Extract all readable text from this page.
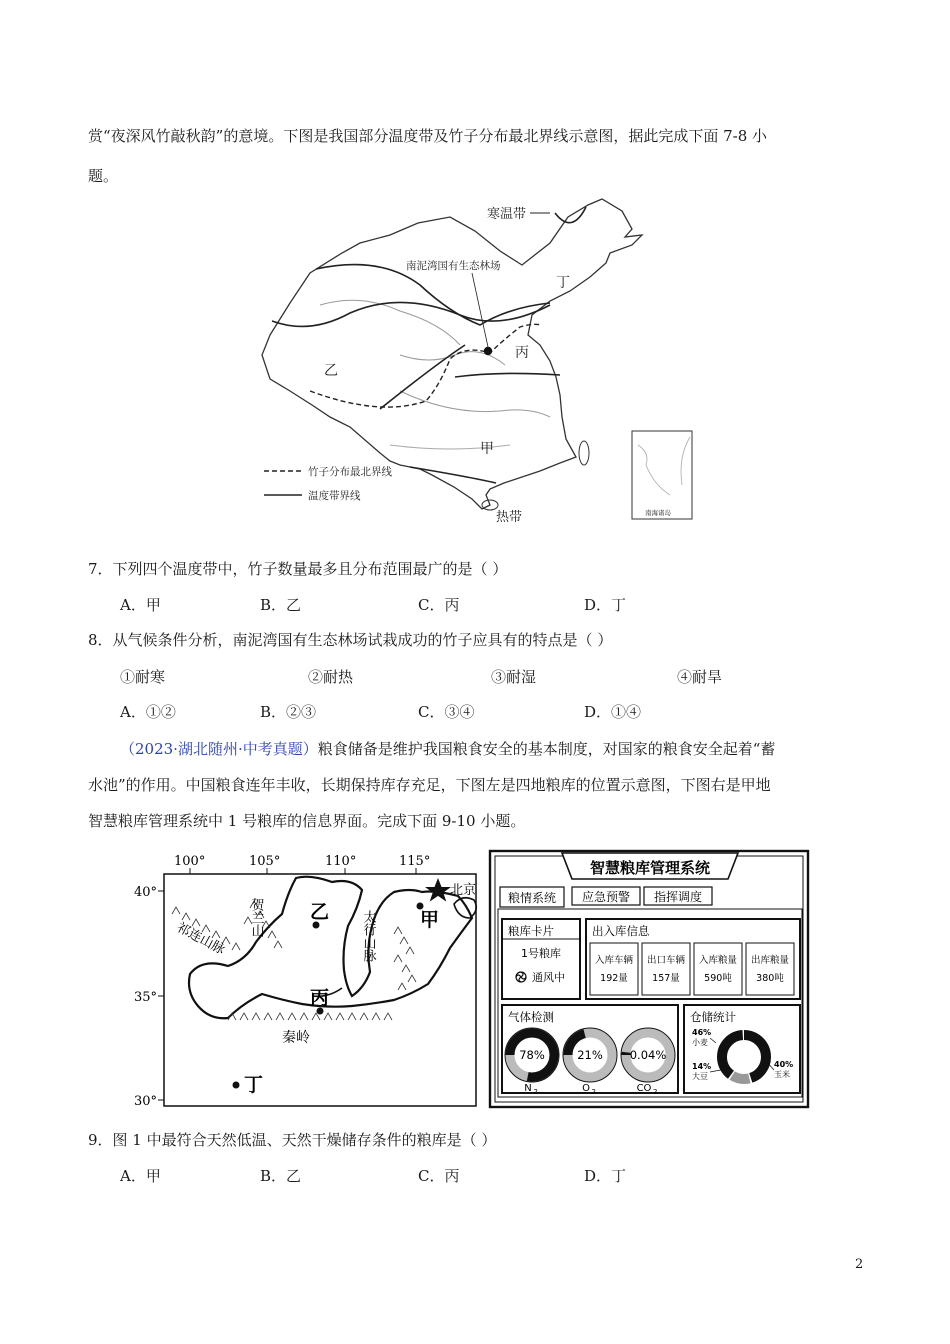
赏“夜深风竹敲秋韵”的意境。下图是我国部分温度带及竹子分布最北界线示意图，据此完成下面 7-8 小
题。
寒温带
南泥湾国有生态林场
丁
丙
乙
甲
热带
竹子分布最北界线
温度带界线
南海诸岛
7．下列四个温度带中，竹子数量最多且分布范围最广的是（ ）
A．甲	B．乙	C．丙	D．丁
8．从气候条件分析，南泥湾国有生态林场试栽成功的竹子应具有的特点是（ ）
①耐寒	②耐热	③耐湿	④耐旱
A．①②	B．②③	C．③④	D．①④
（2023·湖北随州·中考真题）粮食储备是维护我国粮食安全的基本制度，对国家的粮食安全起着“蓄
水池”的作用。中国粮食连年丰收，长期保持库存充足，下图左是四地粮库的位置示意图，下图右是甲地
智慧粮库管理系统中 1 号粮库的信息界面。完成下面 9-10 小题。
100°	105°	110°	115°
40°
35°
30°
祁连山脉
贺兰山	太行山脉
秦岭
北京
甲
乙
丙
丁
智慧粮库管理系统
粮情系统 应急预警 指挥调度
粮库卡片
1号粮库
通风中
出入库信息
入库车辆
192量
出口车辆
157量
入库粮量
590吨
出库粮量
380吨
气体检测
78%
N 2
21%
O 2
0.04%
CO 2
仓储统计
46%
小麦
14%
大豆
40%
玉米
9．图 1 中最符合天然低温、天然干燥储存条件的粮库是（ ）
A．甲	B．乙	C．丙	D．丁
2
